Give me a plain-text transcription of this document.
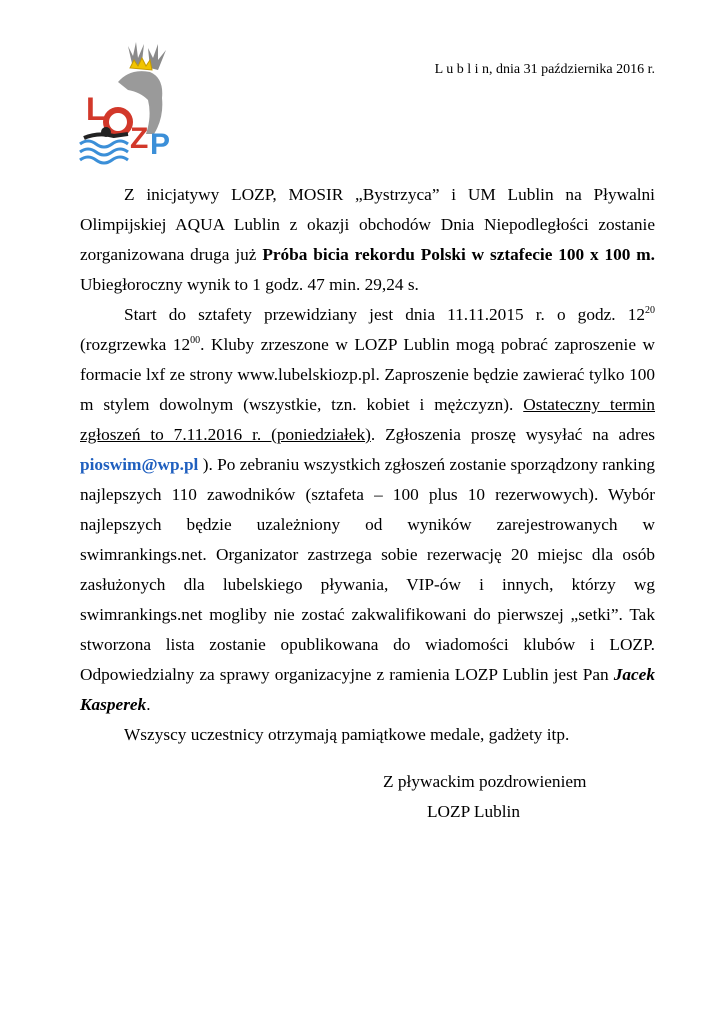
L
Z P
L u b l i n, dnia 31 października 2016 r.

Z inicjatywy LOZP, MOSIR „Bystrzyca” i UM Lublin na Pływalni Olimpijskiej AQUA Lublin z okazji obchodów Dnia Niepodległości zostanie zorganizowana druga już Próba bicia rekordu Polski w sztafecie 100 x 100 m. Ubiegłoroczny wynik to 1 godz. 47 min. 29,24 s.

Start do sztafety przewidziany jest dnia 11.11.2015 r. o godz. $12^{20}$ (rozgrzewka $12^{00}$. Kluby zrzeszone w LOZP Lublin mogą pobrać zaproszenie w formacie lxf ze strony www.lubelskiozp.pl. Zaproszenie będzie zawierać tylko 100 m stylem dowolnym (wszystkie, tzn. kobiet i mężczyzn). Ostateczny termin zgłoszeń to 7.11.2016 r. (poniedziałek). Zgłoszenia proszę wysyłać na adres pioswim@wp.pl ). Po zebraniu wszystkich zgłoszeń zostanie sporządzony ranking najlepszych 110 zawodników (sztafeta – 100 plus 10 rezerwowych). Wybór najlepszych będzie uzależniony od wyników zarejestrowanych w swimrankings.net. Organizator zastrzega sobie rezerwację 20 miejsc dla osób zasłużonych dla lubelskiego pływania, VIP-ów i innych, którzy wg swimrankings.net mogliby nie zostać zakwalifikowani do pierwszej „setki”. Tak stworzona lista zostanie opublikowana do wiadomości klubów i LOZP. Odpowiedzialny za sprawy organizacyjne z ramienia LOZP Lublin jest Pan Jacek Kasperek.

Wszyscy uczestnicy otrzymają pamiątkowe medale, gadżety itp.

Z pływackim pozdrowieniem
LOZP Lublin
